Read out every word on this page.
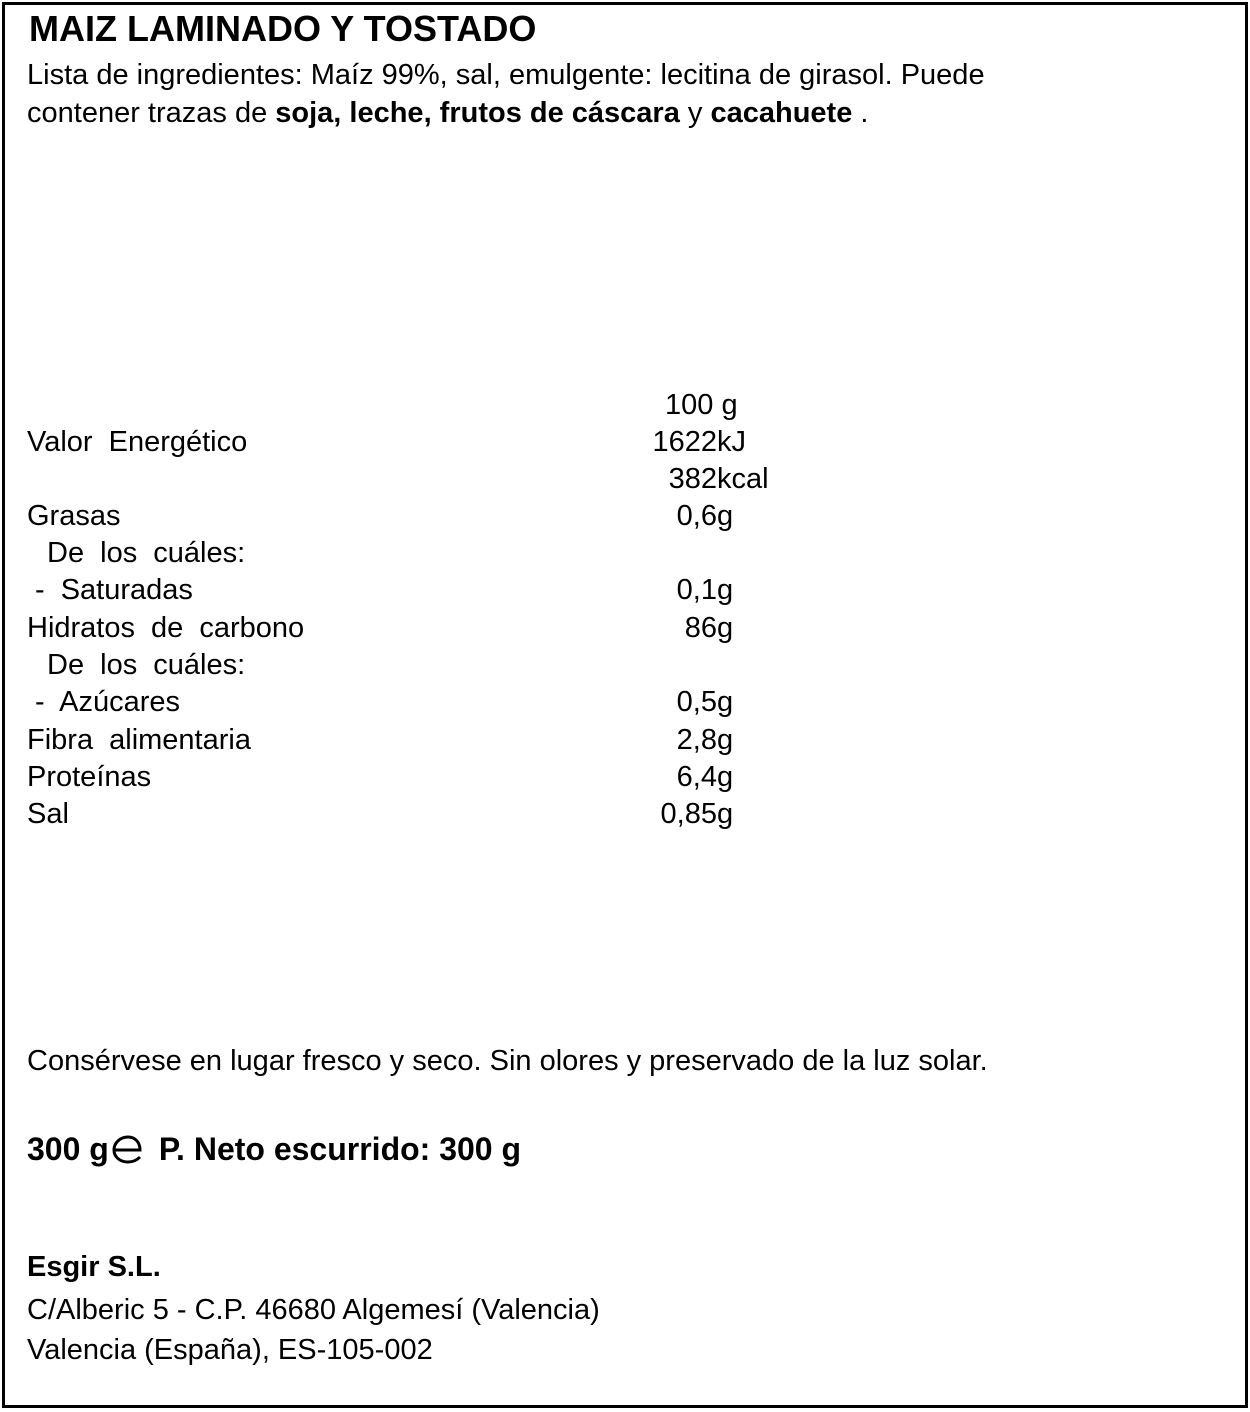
MAIZ LAMINADO Y TOSTADO
Lista de ingredientes: Maíz 99%, sal, emulgente: lecitina de girasol. Puede
contener trazas de soja, leche, frutos de cáscara y cacahuete .
100 g
Valor Energético	1622 kJ
382 kcal
Grasas	0,6 g
De los cuáles:
- Saturadas	0,1 g
Hidratos de carbono	86 g
De los cuáles:
- Azúcares	0,5 g
Fibra alimentaria	2,8 g
Proteínas	6,4 g
Sal	0,85 g
Consérvese en lugar fresco y seco. Sin olores y preservado de la luz solar.
300 g P. Neto escurrido: 300 g
Esgir S.L.
C/Alberic 5 - C.P. 46680 Algemesí (Valencia)
Valencia (España), ES-105-002
